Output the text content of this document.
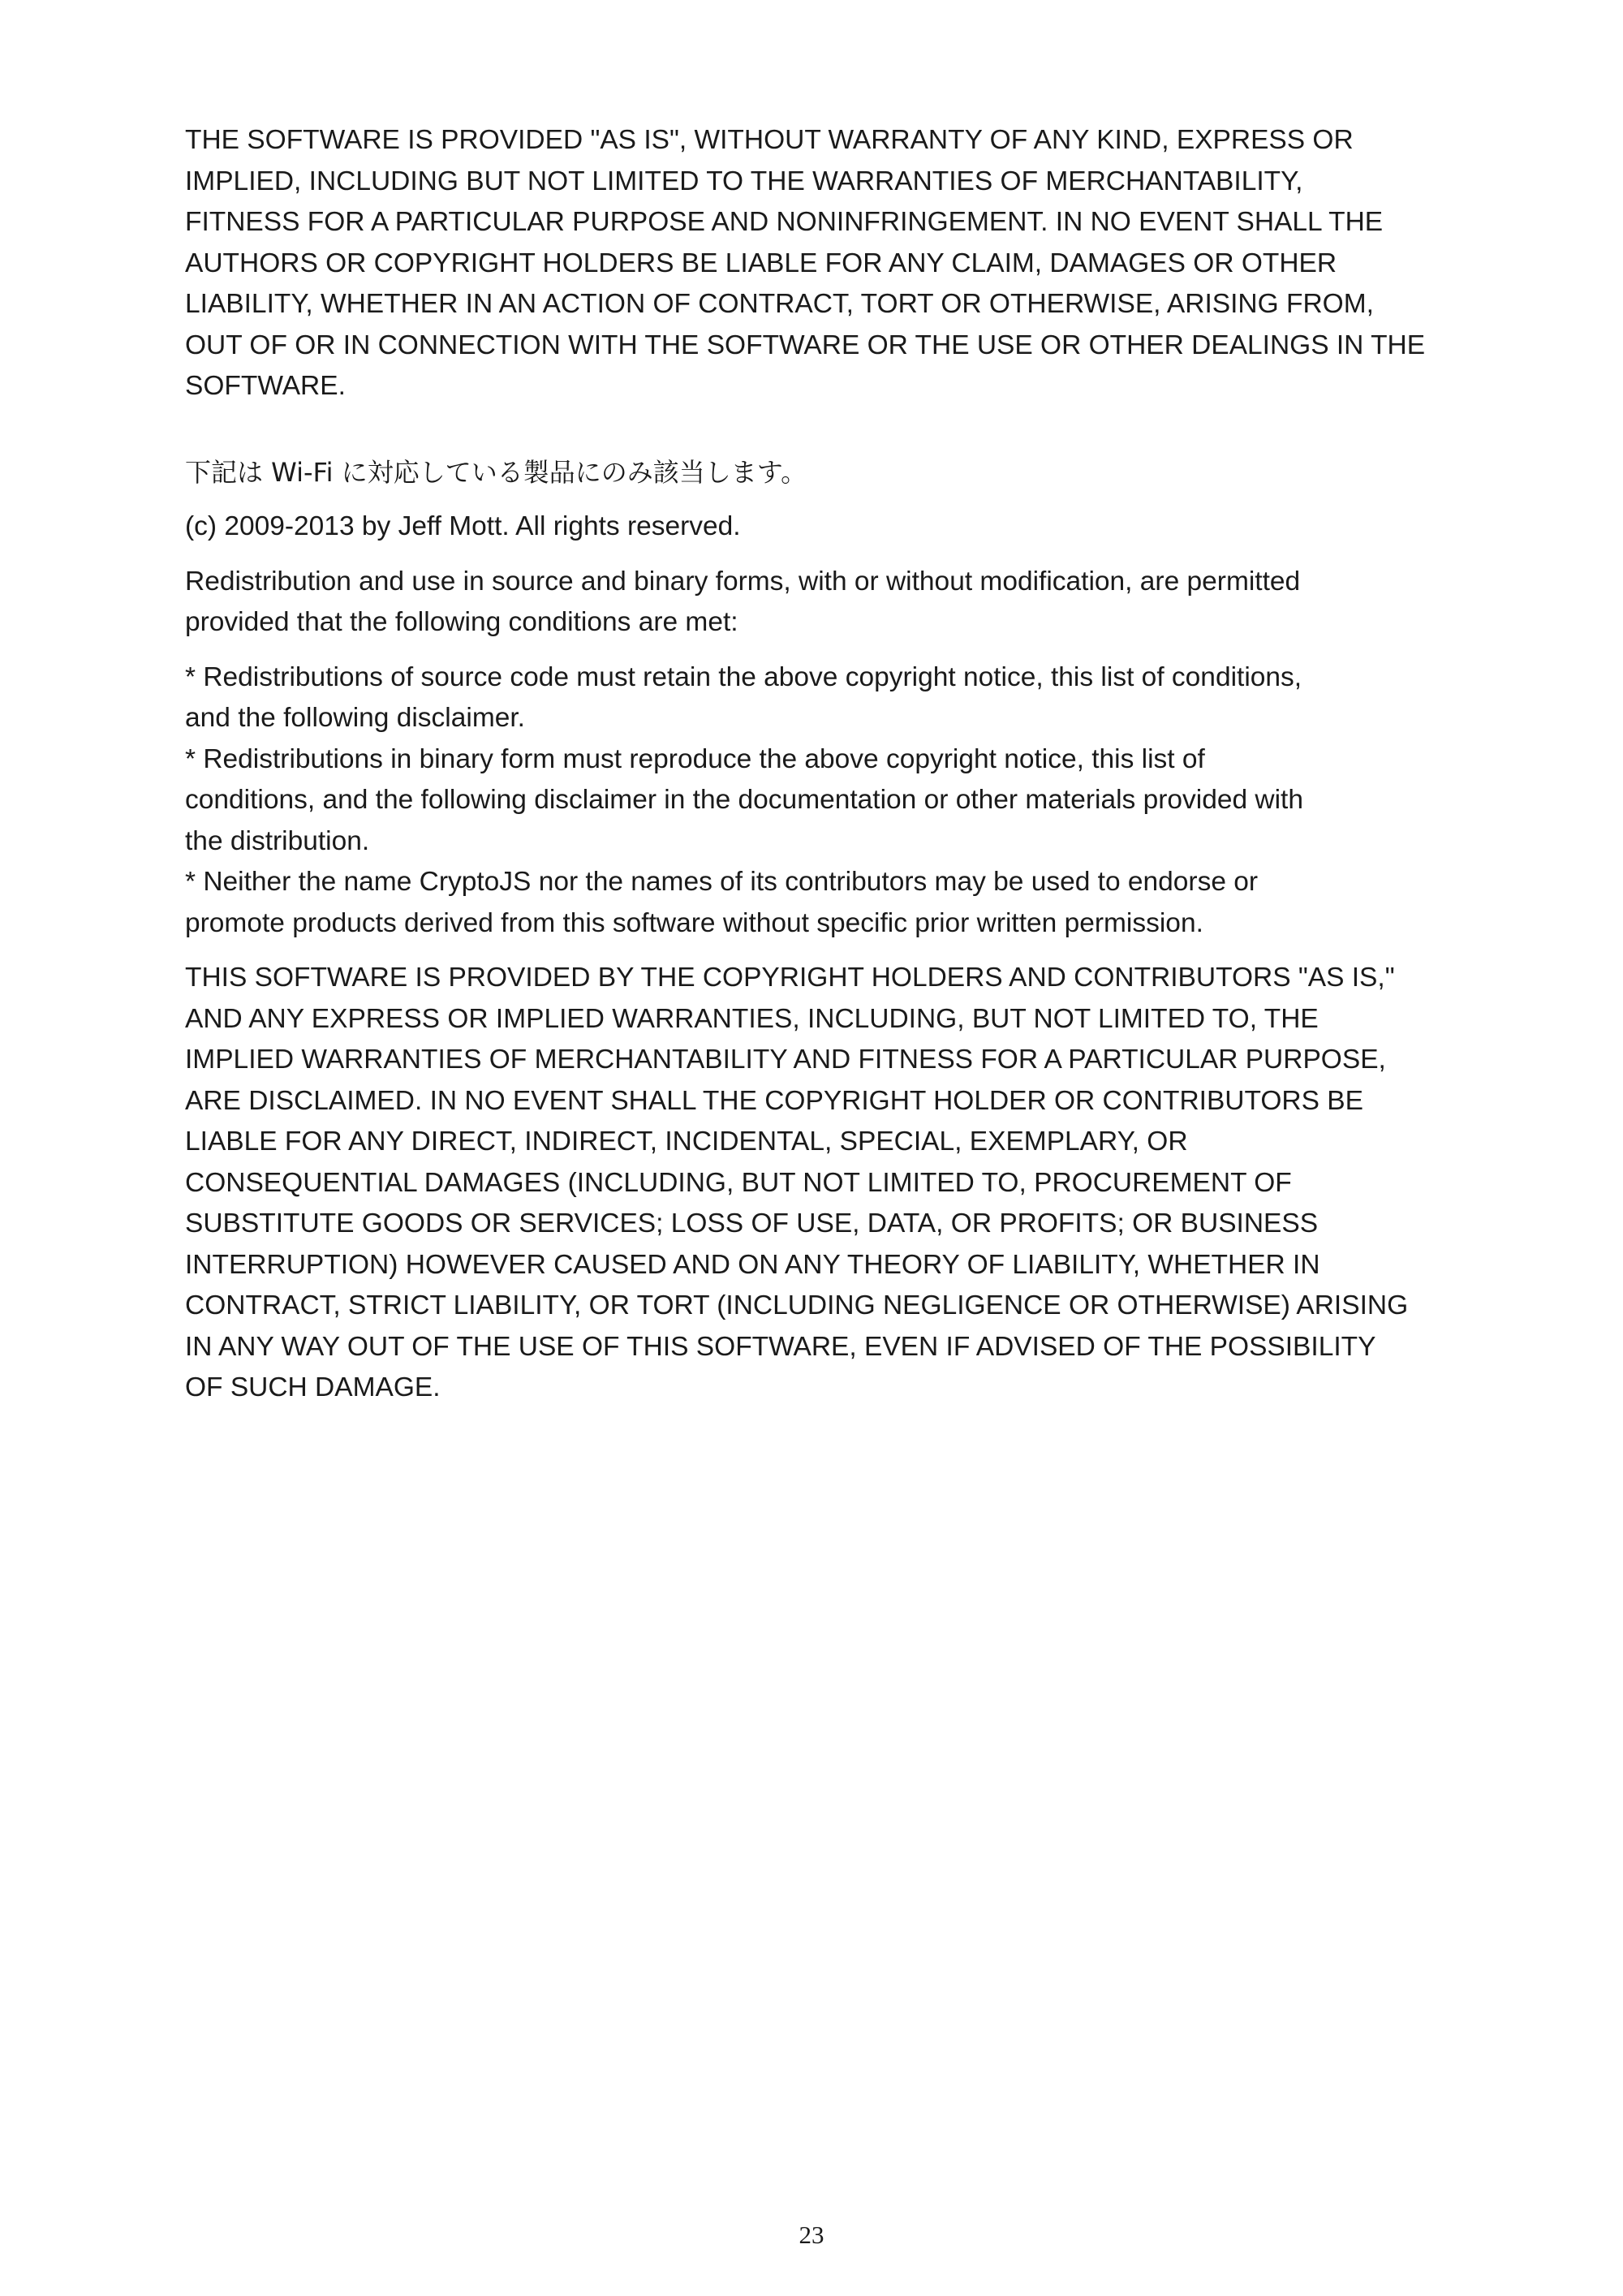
THE SOFTWARE IS PROVIDED "AS IS", WITHOUT WARRANTY OF ANY KIND, EXPRESS OR
IMPLIED, INCLUDING BUT NOT LIMITED TO THE WARRANTIES OF MERCHANTABILITY,
FITNESS FOR A PARTICULAR PURPOSE AND NONINFRINGEMENT. IN NO EVENT SHALL THE
AUTHORS OR COPYRIGHT HOLDERS BE LIABLE FOR ANY CLAIM, DAMAGES OR OTHER
LIABILITY, WHETHER IN AN ACTION OF CONTRACT, TORT OR OTHERWISE, ARISING FROM,
OUT OF OR IN CONNECTION WITH THE SOFTWARE OR THE USE OR OTHER DEALINGS IN THE
SOFTWARE.

下記は Wi-Fi に対応している製品にのみ該当します。

(c) 2009-2013 by Jeff Mott. All rights reserved.

Redistribution and use in source and binary forms, with or without modification, are permitted
provided that the following conditions are met:

* Redistributions of source code must retain the above copyright notice, this list of conditions,
and the following disclaimer.
* Redistributions in binary form must reproduce the above copyright notice, this list of
conditions, and the following disclaimer in the documentation or other materials provided with
the distribution.
* Neither the name CryptoJS nor the names of its contributors may be used to endorse or
promote products derived from this software without specific prior written permission.

THIS SOFTWARE IS PROVIDED BY THE COPYRIGHT HOLDERS AND CONTRIBUTORS "AS IS,"
AND ANY EXPRESS OR IMPLIED WARRANTIES, INCLUDING, BUT NOT LIMITED TO, THE
IMPLIED WARRANTIES OF MERCHANTABILITY AND FITNESS FOR A PARTICULAR PURPOSE,
ARE DISCLAIMED. IN NO EVENT SHALL THE COPYRIGHT HOLDER OR CONTRIBUTORS BE
LIABLE FOR ANY DIRECT, INDIRECT, INCIDENTAL, SPECIAL, EXEMPLARY, OR
CONSEQUENTIAL DAMAGES (INCLUDING, BUT NOT LIMITED TO, PROCUREMENT OF
SUBSTITUTE GOODS OR SERVICES; LOSS OF USE, DATA, OR PROFITS; OR BUSINESS
INTERRUPTION) HOWEVER CAUSED AND ON ANY THEORY OF LIABILITY, WHETHER IN
CONTRACT, STRICT LIABILITY, OR TORT (INCLUDING NEGLIGENCE OR OTHERWISE) ARISING
IN ANY WAY OUT OF THE USE OF THIS SOFTWARE, EVEN IF ADVISED OF THE POSSIBILITY
OF SUCH DAMAGE.

23
